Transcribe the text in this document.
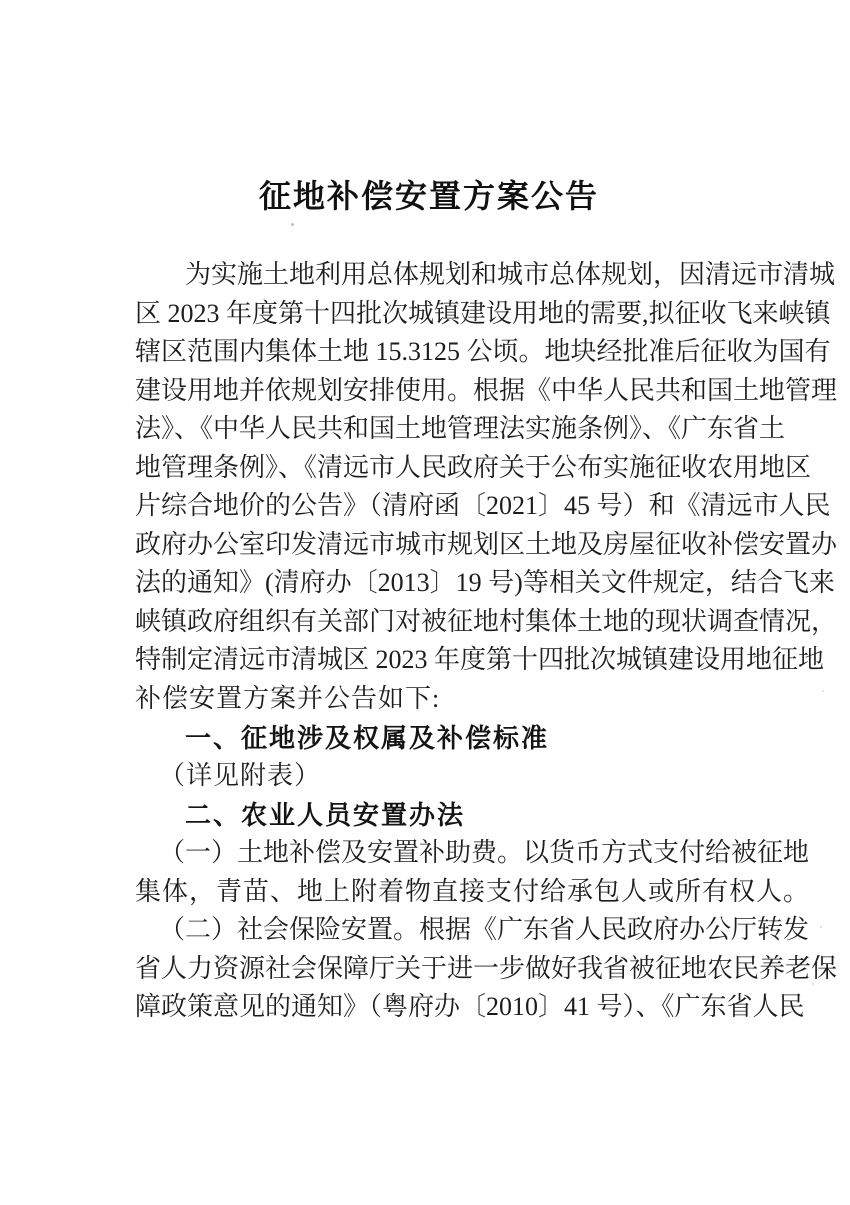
征地补偿安置方案公告
为实施土地利用总体规划和城市总体规划，因清远市清城
区 2023 年度第十四批次城镇建设用地的需要,拟征收飞来峡镇
辖区范围内集体土地 15.3125 公顷。地块经批准后征收为国有
建设用地并依规划安排使用。根据《中华人民共和国土地管理
法》、《中华人民共和国土地管理法实施条例》、《广东省土
地管理条例》、《清远市人民政府关于公布实施征收农用地区
片综合地价的公告》（清府函〔2021〕45 号）和《清远市人民
政府办公室印发清远市城市规划区土地及房屋征收补偿安置办
法的通知》(清府办〔2013〕19 号)等相关文件规定，结合飞来
峡镇政府组织有关部门对被征地村集体土地的现状调查情况，
特制定清远市清城区 2023 年度第十四批次城镇建设用地征地
补偿安置方案并公告如下:
一、征地涉及权属及补偿标准
（详见附表）
二、农业人员安置办法
（一）土地补偿及安置补助费。以货币方式支付给被征地
集体，青苗、地上附着物直接支付给承包人或所有权人。
（二）社会保险安置。根据《广东省人民政府办公厅转发
省人力资源社会保障厅关于进一步做好我省被征地农民养老保
障政策意见的通知》（粤府办〔2010〕41 号）、《广东省人民
